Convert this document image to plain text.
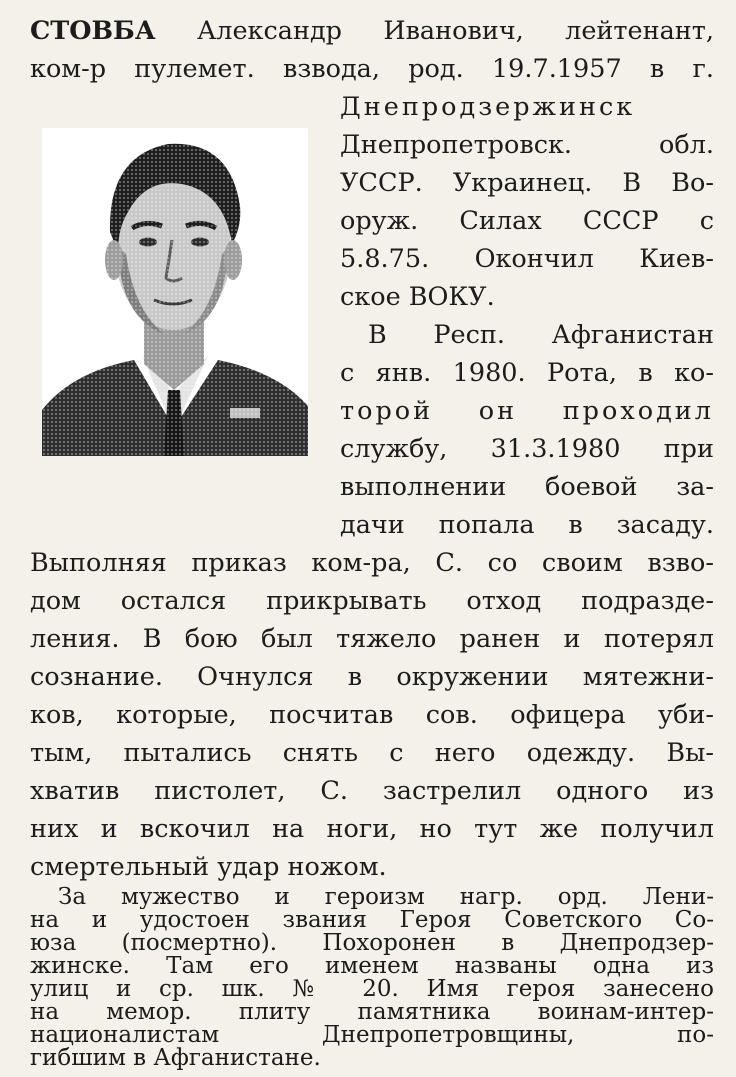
СТОВБА Александр Иванович, лейтенант,
ком-р пулемет. взвода, род. 19.7.1957 в г.
Днепродзержинск
Днепропетровск. обл.
УССР. Украинец. В Во-
оруж. Силах СССР с
5.8.75. Окончил Киев-
ское ВОКУ.
В Респ. Афганистан
с янв. 1980. Рота, в ко-
торой он проходил
службу, 31.3.1980 при
выполнении боевой за-
дачи попала в засаду.
Выполняя приказ ком-ра, С. со своим взво-
дом остался прикрывать отход подразде-
ления. В бою был тяжело ранен и потерял
сознание. Очнулся в окружении мятежни-
ков, которые, посчитав сов. офицера уби-
тым, пытались снять с него одежду. Вы-
хватив пистолет, С. застрелил одного из
них и вскочил на ноги, но тут же получил
смертельный удар ножом.
За мужество и героизм нагр. орд. Лени-
на и удостоен звания Героя Советского Со-
юза (посмертно). Похоронен в Днепродзер-
жинске. Там его именем названы одна из
улиц и ср. шк. № 20. Имя героя занесено
на мемор. плиту памятника воинам-интер-
националистам Днепропетровщины, по-
гибшим в Афганистане.
